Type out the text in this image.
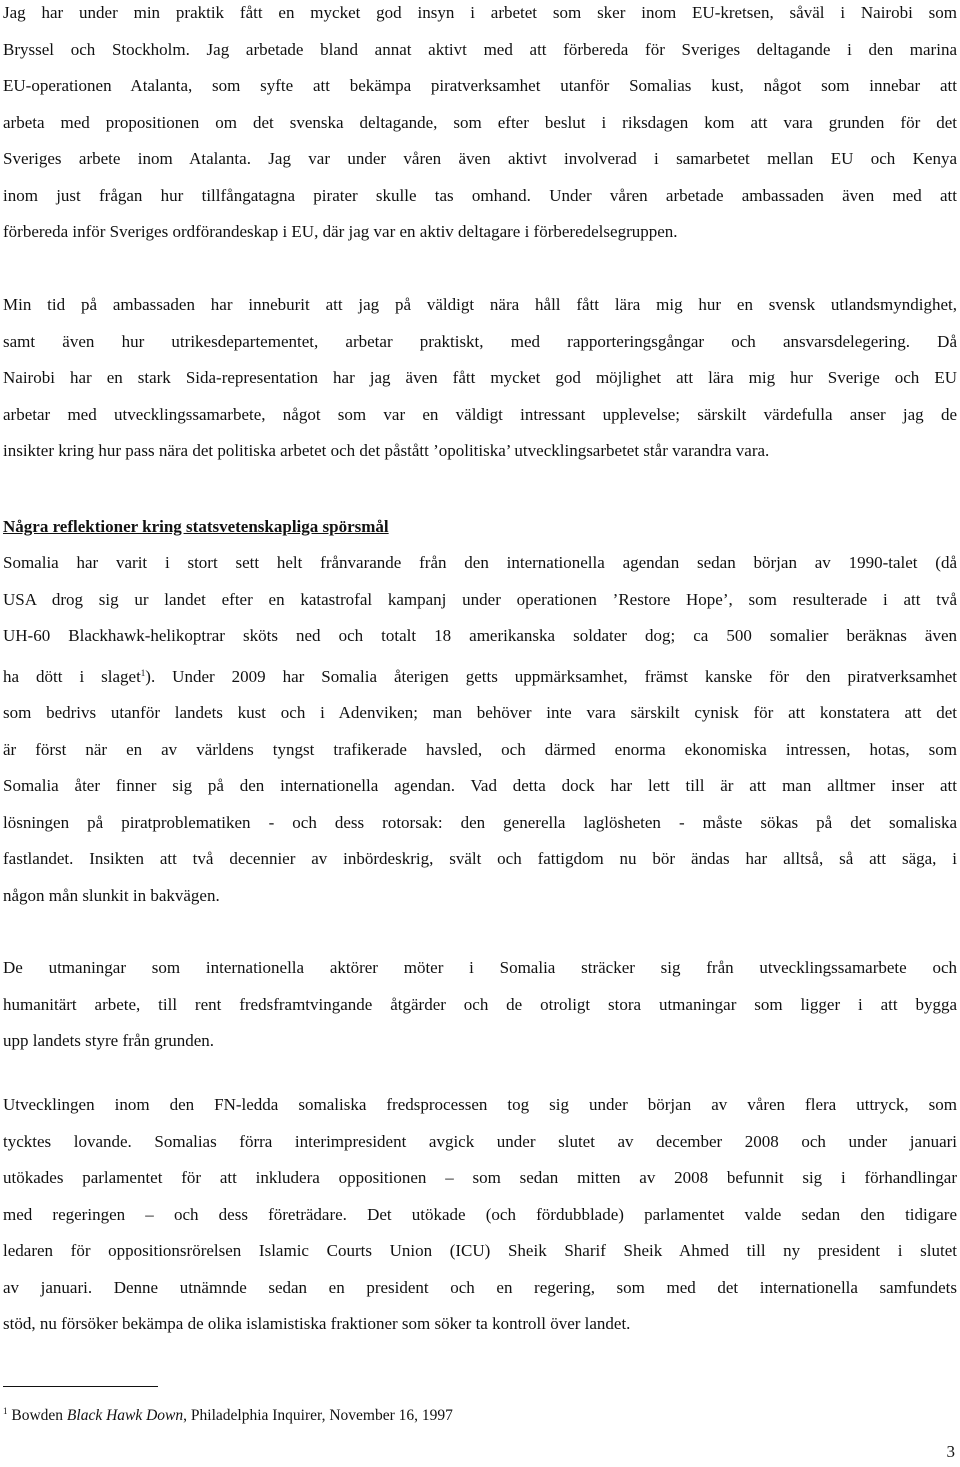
Jag har under min praktik fått en mycket god insyn i arbetet som sker inom EU-kretsen, såväl i Nairobi som
Bryssel och Stockholm. Jag arbetade bland annat aktivt med att förbereda för Sveriges deltagande i den marina
EU-operationen Atalanta, som syfte att bekämpa piratverksamhet utanför Somalias kust, något som innebar att
arbeta med propositionen om det svenska deltagande, som efter beslut i riksdagen kom att vara grunden för det
Sveriges arbete inom Atalanta. Jag var under våren även aktivt involverad i samarbetet mellan EU och Kenya
inom just frågan hur tillfångatagna pirater skulle tas omhand. Under våren arbetade ambassaden även med att
förbereda inför Sveriges ordförandeskap i EU, där jag var en aktiv deltagare i förberedelsegruppen.
Min tid på ambassaden har inneburit att jag på väldigt nära håll fått lära mig hur en svensk utlandsmyndighet,
samt även hur utrikesdepartementet, arbetar praktiskt, med rapporteringsgångar och ansvarsdelegering. Då
Nairobi har en stark Sida-representation har jag även fått mycket god möjlighet att lära mig hur Sverige och EU
arbetar med utvecklingssamarbete, något som var en väldigt intressant upplevelse; särskilt värdefulla anser jag de
insikter kring hur pass nära det politiska arbetet och det påstått ’opolitiska’ utvecklingsarbetet står varandra vara.
Några reflektioner kring statsvetenskapliga spörsmål
Somalia har varit i stort sett helt frånvarande från den internationella agendan sedan början av 1990-talet (då
USA drog sig ur landet efter en katastrofal kampanj under operationen ’Restore Hope’, som resulterade i att två
UH-60 Blackhawk-helikoptrar sköts ned och totalt 18 amerikanska soldater dog; ca 500 somalier beräknas även
ha dött i slaget$^1$). Under 2009 har Somalia återigen getts uppmärksamhet, främst kanske för den piratverksamhet
som bedrivs utanför landets kust och i Adenviken; man behöver inte vara särskilt cynisk för att konstatera att det
är först när en av världens tyngst trafikerade havsled, och därmed enorma ekonomiska intressen, hotas, som
Somalia åter finner sig på den internationella agendan. Vad detta dock har lett till är att man alltmer inser att
lösningen på piratproblematiken - och dess rotorsak: den generella laglösheten - måste sökas på det somaliska
fastlandet. Insikten att två decennier av inbördeskrig, svält och fattigdom nu bör ändas har alltså, så att säga, i
någon mån slunkit in bakvägen.
De utmaningar som internationella aktörer möter i Somalia sträcker sig från utvecklingssamarbete och
humanitärt arbete, till rent fredsframtvingande åtgärder och de otroligt stora utmaningar som ligger i att bygga
upp landets styre från grunden.
Utvecklingen inom den FN-ledda somaliska fredsprocessen tog sig under början av våren flera uttryck, som
tycktes lovande. Somalias förra interimpresident avgick under slutet av december 2008 och under januari
utökades parlamentet för att inkludera oppositionen – som sedan mitten av 2008 befunnit sig i förhandlingar
med regeringen – och dess företrädare. Det utökade (och fördubblade) parlamentet valde sedan den tidigare
ledaren för oppositionsrörelsen Islamic Courts Union (ICU) Sheik Sharif Sheik Ahmed till ny president i slutet
av januari. Denne utnämnde sedan en president och en regering, som med det internationella samfundets
stöd, nu försöker bekämpa de olika islamistiska fraktioner som söker ta kontroll över landet.
$^1$ Bowden Black Hawk Down, Philadelphia Inquirer, November 16, 1997
3
